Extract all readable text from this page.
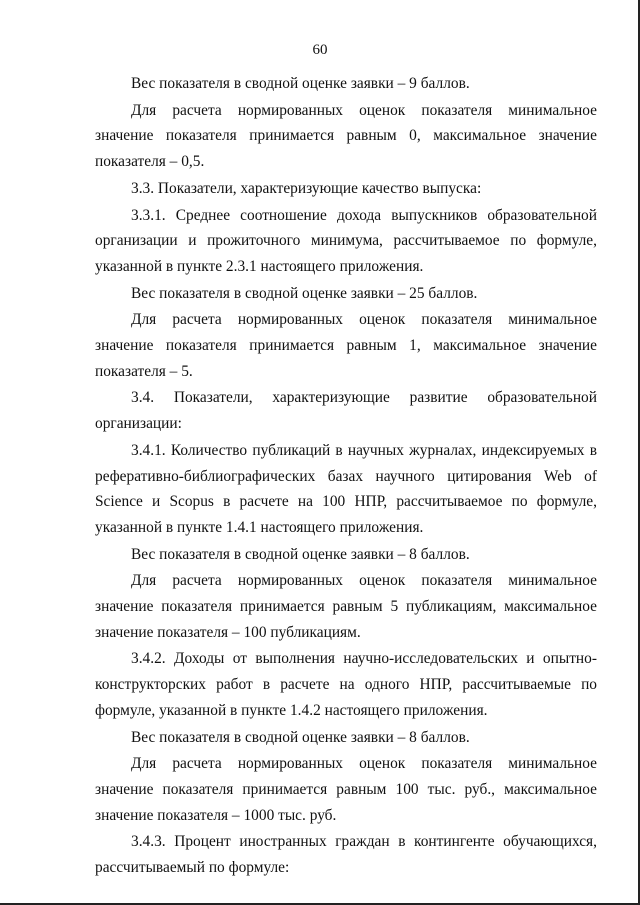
60

Вес показателя в сводной оценке заявки – 9 баллов.

Для расчета нормированных оценок показателя минимальное значение показателя принимается равным 0, максимальное значение показателя – 0,5.

3.3. Показатели, характеризующие качество выпуска:

3.3.1. Среднее соотношение дохода выпускников образовательной организации и прожиточного минимума, рассчитываемое по формуле, указанной в пункте 2.3.1 настоящего приложения.

Вес показателя в сводной оценке заявки – 25 баллов.

Для расчета нормированных оценок показателя минимальное значение показателя принимается равным 1, максимальное значение показателя – 5.

3.4. Показатели, характеризующие развитие образовательной организации:

3.4.1. Количество публикаций в научных журналах, индексируемых в реферативно-библиографических базах научного цитирования Web of Science и Scopus в расчете на 100 НПР, рассчитываемое по формуле, указанной в пункте 1.4.1 настоящего приложения.

Вес показателя в сводной оценке заявки – 8 баллов.

Для расчета нормированных оценок показателя минимальное значение показателя принимается равным 5 публикациям, максимальное значение показателя – 100 публикациям.

3.4.2. Доходы от выполнения научно-исследовательских и опытно-конструкторских работ в расчете на одного НПР, рассчитываемые по формуле, указанной в пункте 1.4.2 настоящего приложения.

Вес показателя в сводной оценке заявки – 8 баллов.

Для расчета нормированных оценок показателя минимальное значение показателя принимается равным 100 тыс. руб., максимальное значение показателя – 1000 тыс. руб.

3.4.3. Процент иностранных граждан в контингенте обучающихся, рассчитываемый по формуле:
